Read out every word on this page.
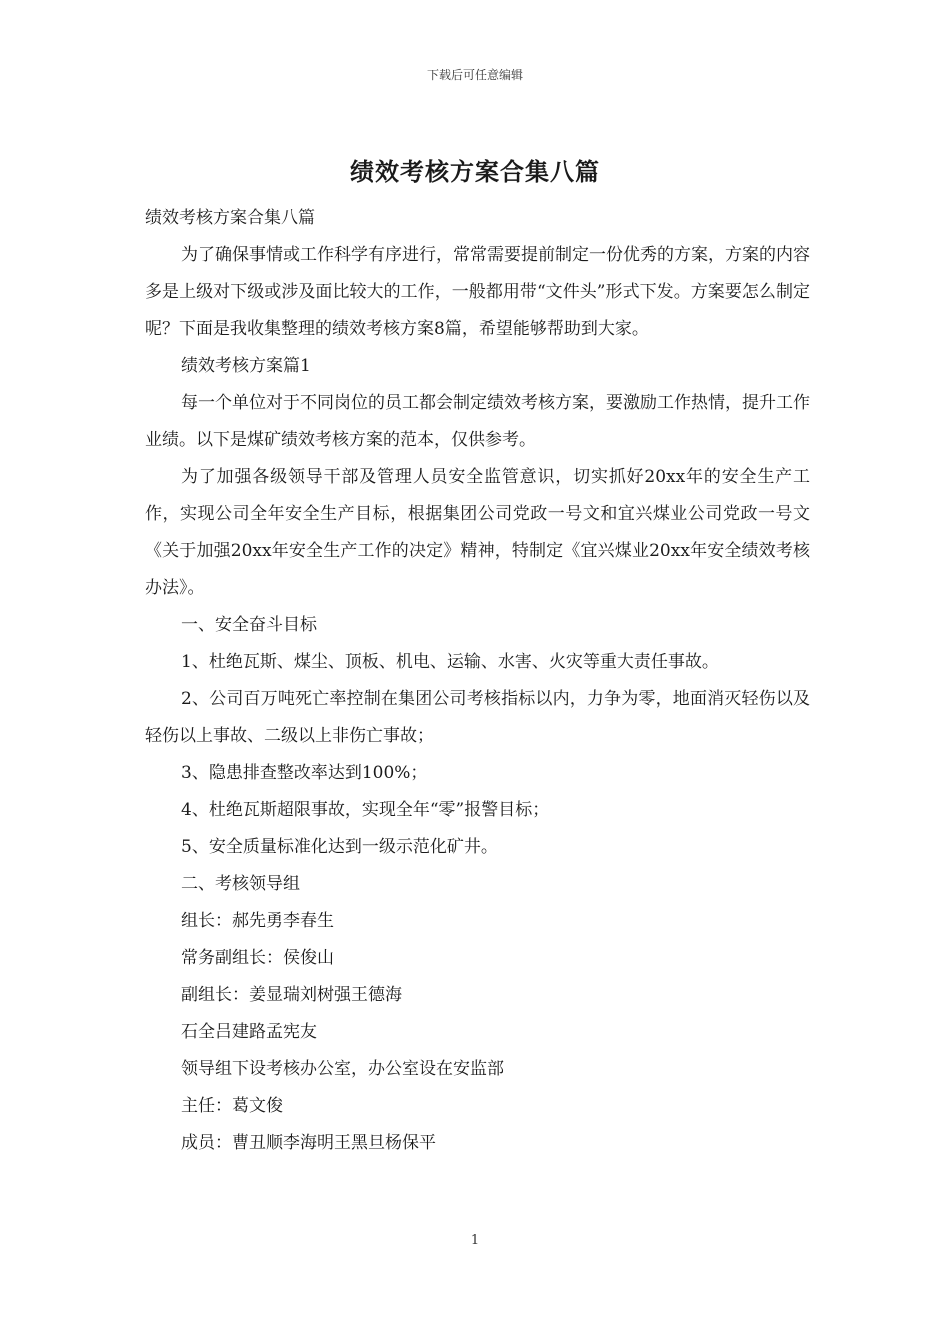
下载后可任意编辑
绩效考核方案合集八篇

绩效考核方案合集八篇

为了确保事情或工作科学有序进行，常常需要提前制定一份优秀的方案，方案的内容多是上级对下级或涉及面比较大的工作，一般都用带“文件头”形式下发。方案要怎么制定呢？下面是我收集整理的绩效考核方案8篇，希望能够帮助到大家。

绩效考核方案篇1

每一个单位对于不同岗位的员工都会制定绩效考核方案，要激励工作热情，提升工作业绩。以下是煤矿绩效考核方案的范本，仅供参考。

为了加强各级领导干部及管理人员安全监管意识，切实抓好20xx年的安全生产工作，实现公司全年安全生产目标，根据集团公司党政一号文和宜兴煤业公司党政一号文《关于加强20xx年安全生产工作的决定》精神，特制定《宜兴煤业20xx年安全绩效考核办法》。

一、安全奋斗目标

1、杜绝瓦斯、煤尘、顶板、机电、运输、水害、火灾等重大责任事故。

2、公司百万吨死亡率控制在集团公司考核指标以内，力争为零，地面消灭轻伤以及轻伤以上事故、二级以上非伤亡事故；

3、隐患排查整改率达到100%；

4、杜绝瓦斯超限事故，实现全年“零”报警目标；

5、安全质量标准化达到一级示范化矿井。

二、考核领导组

组长：郝先勇李春生

常务副组长：侯俊山

副组长：姜显瑞刘树强王德海

石全吕建路孟宪友

领导组下设考核办公室，办公室设在安监部

主任：葛文俊

成员：曹丑顺李海明王黑旦杨保平

1
